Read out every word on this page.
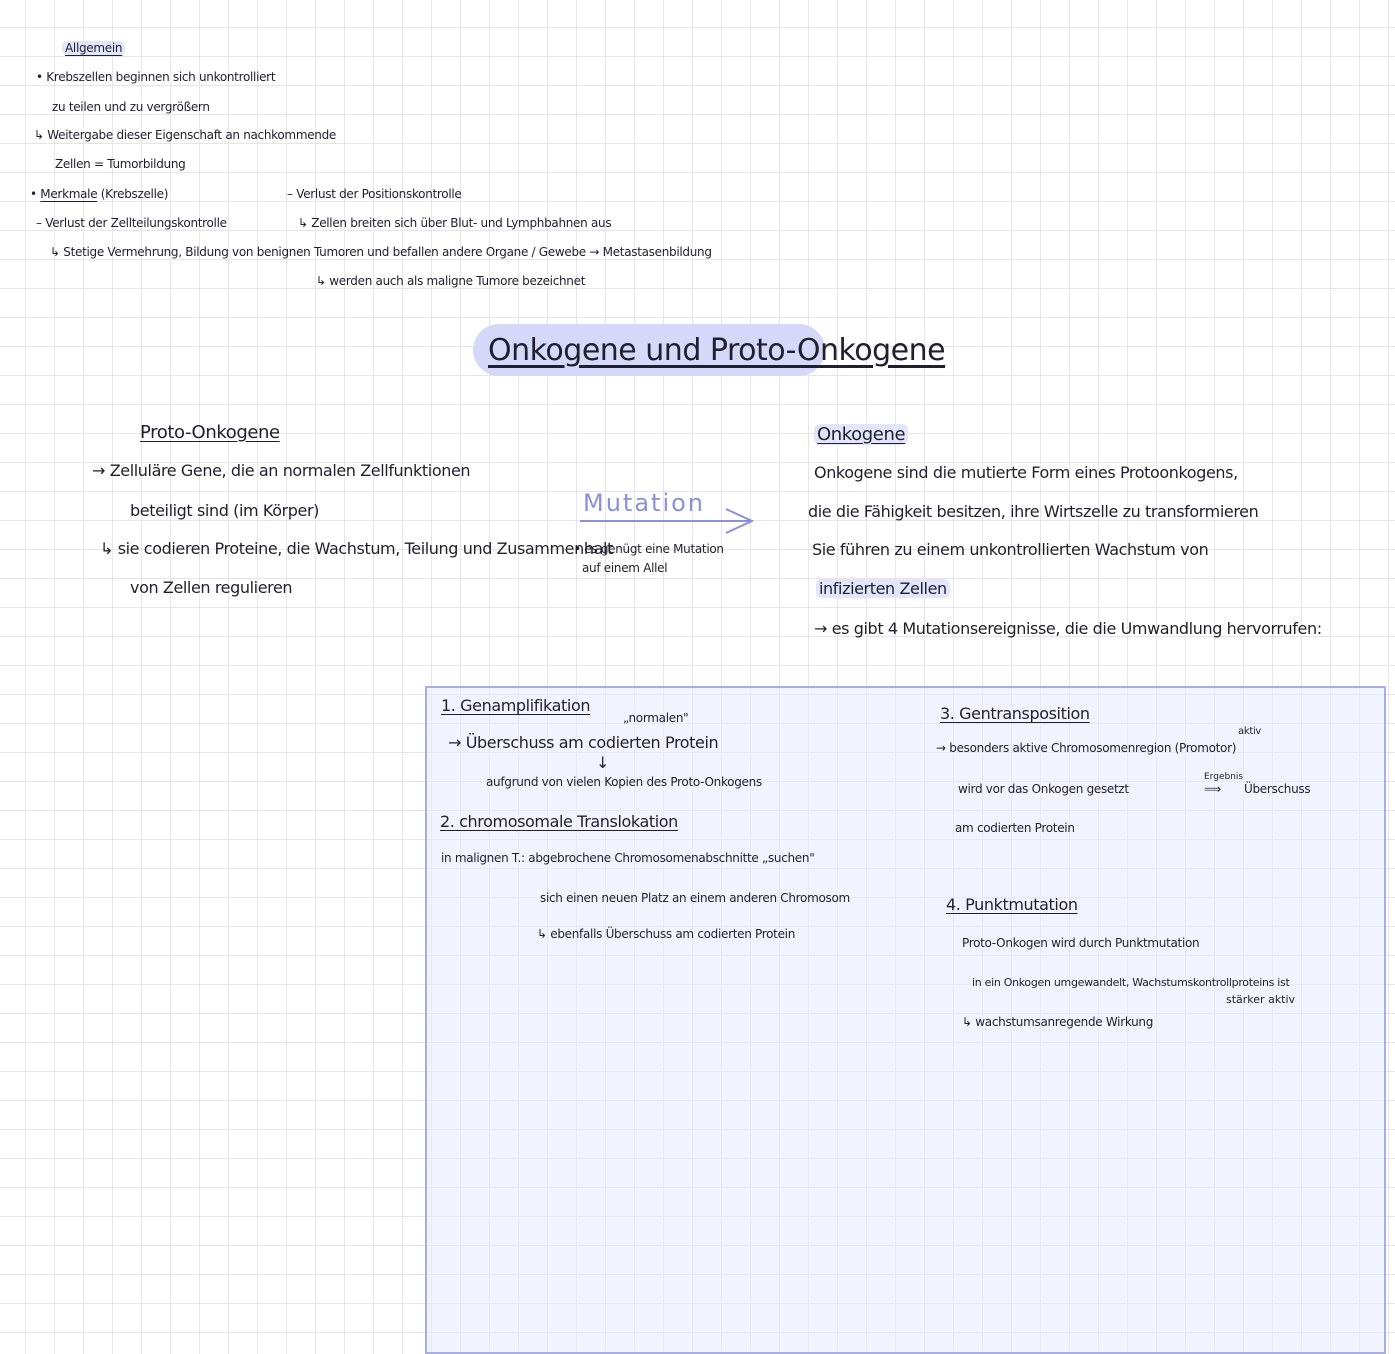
Allgemein
• Krebszellen beginnen sich unkontrolliert
zu teilen und zu vergrößern
↳ Weitergabe dieser Eigenschaft an nachkommende
Zellen = Tumorbildung
• Merkmale (Krebszelle)
– Verlust der Zellteilungskontrolle
↳ Stetige Vermehrung, Bildung von benignen Tumoren und befallen andere Organe / Gewebe → Metastasenbildung
– Verlust der Positionskontrolle
↳ Zellen breiten sich über Blut- und Lymphbahnen aus
↳ werden auch als maligne Tumore bezeichnet
Onkogene und Proto-Onkogene
Proto-Onkogene
→ Zelluläre Gene, die an normalen Zellfunktionen
beteiligt sind (im Körper)
↳ sie codieren Proteine, die Wachstum, Teilung und Zusammenhalt
von Zellen regulieren
Mutation
• es genügt eine Mutation
auf einem Allel
Onkogene
Onkogene sind die mutierte Form eines Protoonkogens,
die die Fähigkeit besitzen, ihre Wirtszelle zu transformieren
Sie führen zu einem unkontrollierten Wachstum von
infizierten Zellen
→ es gibt 4 Mutationsereignisse, die die Umwandlung hervorrufen:
1. Genamplifikation
„normalen"
→ Überschuss am codierten Protein
↓
aufgrund von vielen Kopien des Proto-Onkogens
2. chromosomale Translokation
in malignen T.: abgebrochene Chromosomenabschnitte „suchen"
sich einen neuen Platz an einem anderen Chromosom
↳ ebenfalls Überschuss am codierten Protein
3. Gentransposition
aktiv
→ besonders aktive Chromosomenregion (Promotor)
wird vor das Onkogen gesetzt
Ergebnis
⟹ Überschuss
am codierten Protein
4. Punktmutation
Proto-Onkogen wird durch Punktmutation
in ein Onkogen umgewandelt, Wachstumskontrollproteins ist
stärker aktiv
↳ wachstumsanregende Wirkung
